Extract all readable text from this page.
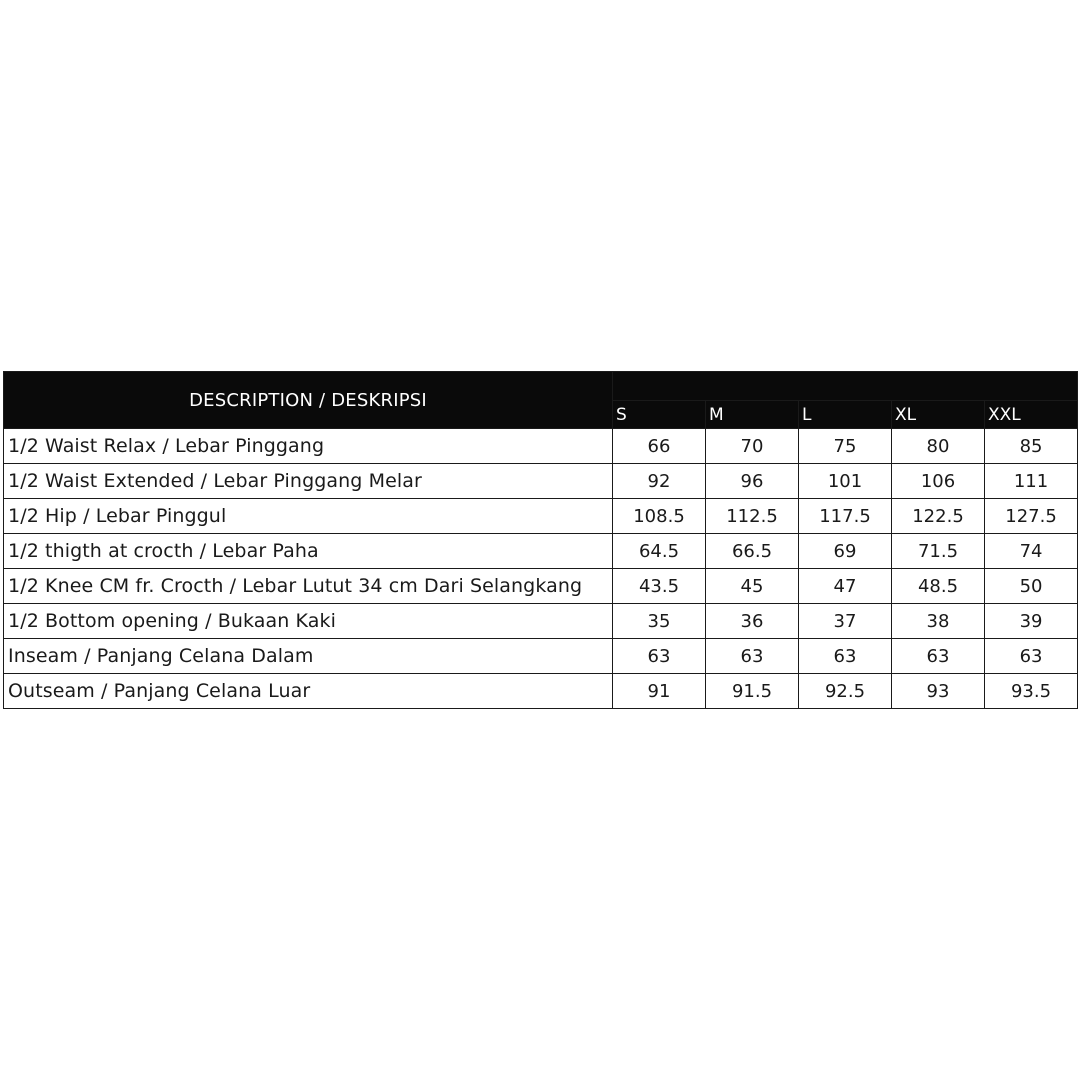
DESCRIPTION / DESKRIPSI					
	S	M	L	XL	XXL
1/2 Waist Relax / Lebar Pinggang	66	70	75	80	85
1/2 Waist Extended / Lebar Pinggang Melar	92	96	101	106	111
1/2 Hip / Lebar Pinggul	108.5	112.5	117.5	122.5	127.5
1/2 thigth at crocth / Lebar Paha	64.5	66.5	69	71.5	74
1/2 Knee CM fr. Crocth / Lebar Lutut 34 cm Dari Selangkang	43.5	45	47	48.5	50
1/2 Bottom opening / Bukaan Kaki	35	36	37	38	39
Inseam / Panjang Celana Dalam	63	63	63	63	63
Outseam / Panjang Celana Luar	91	91.5	92.5	93	93.5
